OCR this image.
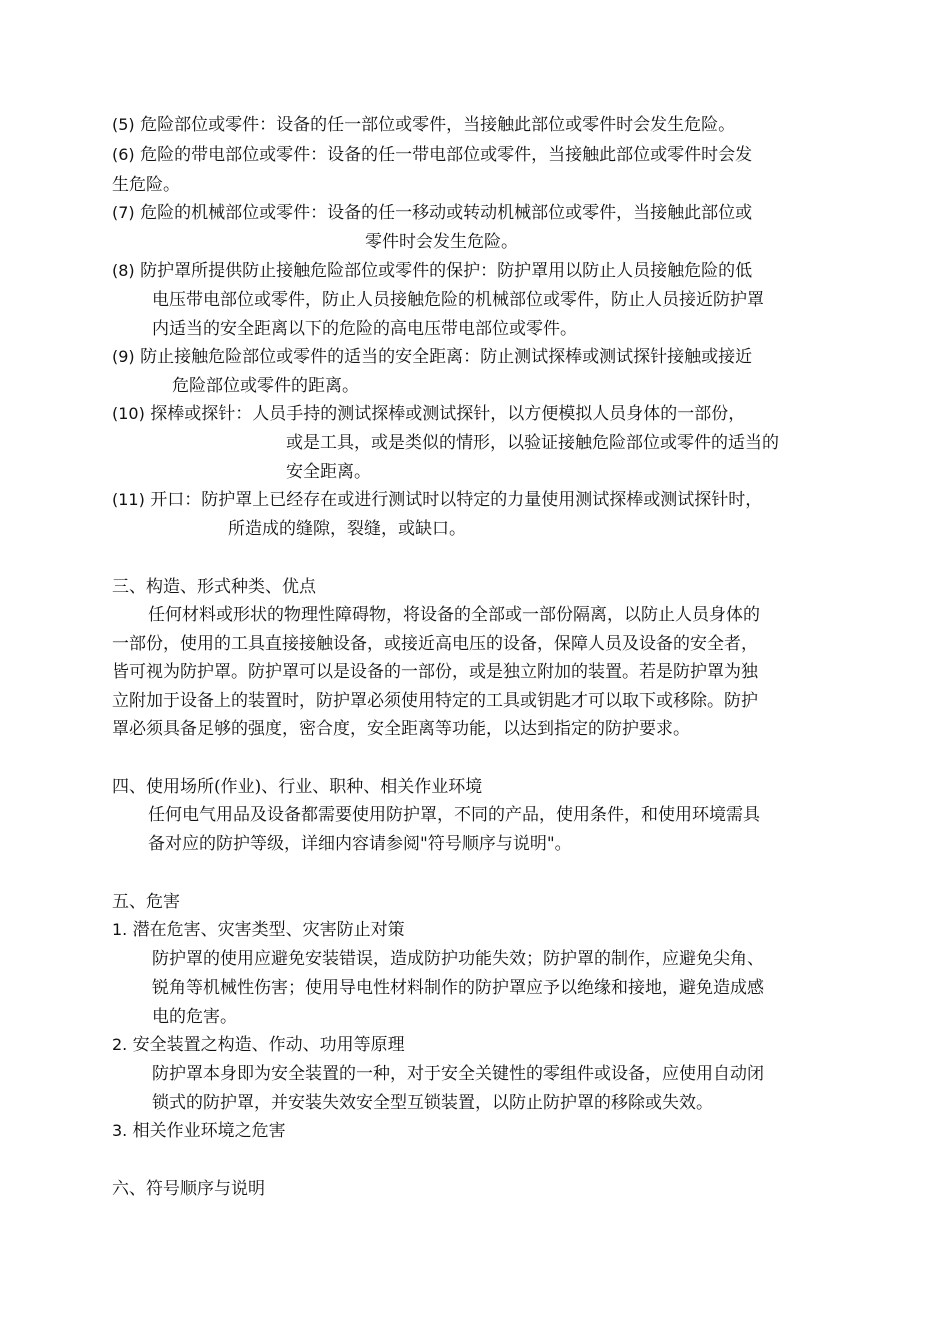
(5) 危险部位或零件：设备的任一部位或零件，当接触此部位或零件时会发生危险。
(6) 危险的带电部位或零件：设备的任一带电部位或零件，当接触此部位或零件时会发
生危险。
(7) 危险的机械部位或零件：设备的任一移动或转动机械部位或零件，当接触此部位或
零件时会发生危险。
(8) 防护罩所提供防止接触危险部位或零件的保护：防护罩用以防止人员接触危险的低
电压带电部位或零件，防止人员接触危险的机械部位或零件，防止人员接近防护罩
内适当的安全距离以下的危险的高电压带电部位或零件。
(9) 防止接触危险部位或零件的适当的安全距离：防止测试探棒或测试探针接触或接近
危险部位或零件的距离。
(10) 探棒或探针：人员手持的测试探棒或测试探针，以方便模拟人员身体的一部份，
或是工具，或是类似的情形，以验证接触危险部位或零件的适当的
安全距离。
(11) 开口：防护罩上已经存在或进行测试时以特定的力量使用测试探棒或测试探针时，
所造成的缝隙，裂缝，或缺口。
三、构造、形式种类、优点
任何材料或形状的物理性障碍物，将设备的全部或一部份隔离，以防止人员身体的
一部份，使用的工具直接接触设备，或接近高电压的设备，保障人员及设备的安全者，
皆可视为防护罩。防护罩可以是设备的一部份，或是独立附加的装置。若是防护罩为独
立附加于设备上的装置时，防护罩必须使用特定的工具或钥匙才可以取下或移除。防护
罩必须具备足够的强度，密合度，安全距离等功能，以达到指定的防护要求。
四、使用场所(作业)、行业、职种、相关作业环境
任何电气用品及设备都需要使用防护罩，不同的产品，使用条件，和使用环境需具
备对应的防护等级，详细内容请参阅"符号顺序与说明"。
五、危害
1. 潜在危害、灾害类型、灾害防止对策
防护罩的使用应避免安装错误，造成防护功能失效；防护罩的制作，应避免尖角、
锐角等机械性伤害；使用导电性材料制作的防护罩应予以绝缘和接地，避免造成感
电的危害。
2. 安全装置之构造、作动、功用等原理
防护罩本身即为安全装置的一种，对于安全关键性的零组件或设备，应使用自动闭
锁式的防护罩，并安装失效安全型互锁装置，以防止防护罩的移除或失效。
3. 相关作业环境之危害
六、符号顺序与说明
